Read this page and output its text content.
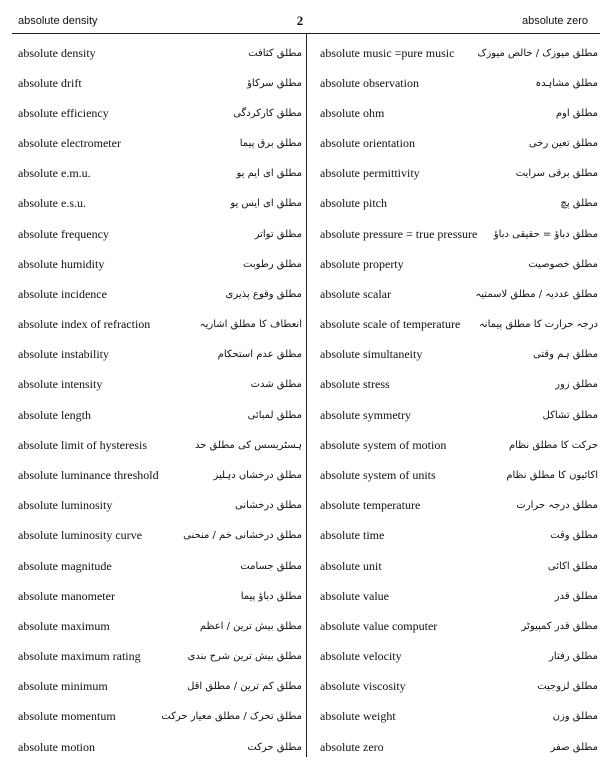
absolute density	2	absolute zero
absolute density	مطلق کثافت
absolute drift	مطلق سرکاؤ
absolute efficiency	مطلق کارکردگی
absolute electrometer	مطلق برق پیما
absolute e.m.u.	مطلق ای ایم یو
absolute e.s.u.	مطلق ای ایس یو
absolute frequency	مطلق تواتر
absolute humidity	مطلق رطوبت
absolute incidence	مطلق وقوع پذیری
absolute index of refraction	انعطاف کا مطلق اشاریہ
absolute instability	مطلق عدم استحکام
absolute intensity	مطلق شدت
absolute length	مطلق لمبائی
absolute limit of hysteresis	ہسٹریسس کی مطلق حد
absolute luminance threshold	مطلق درخشاں دہلیز
absolute luminosity	مطلق درخشانی
absolute luminosity curve	مطلق درخشانی خم / منحنی
absolute magnitude	مطلق جسامت
absolute manometer	مطلق دباؤ پیما
absolute maximum	مطلق بیش ترین / اعظم
absolute maximum rating	مطلق بیش ترین شرح بندی
absolute minimum	مطلق کم ترین / مطلق اقل
absolute momentum	مطلق تحرک / مطلق معیار حرکت
absolute motion	مطلق حرکت
absolute music =pure music مطلق میوزک / خالص میوزک
absolute observation	مطلق مشاہدہ
absolute ohm	مطلق اوم
absolute orientation	مطلق تعین رخی
absolute permittivity	مطلق برقی سرایت
absolute pitch	مطلق پچ
absolute pressure = true pressure مطلق دباؤ = حقیقی دباؤ
absolute property	مطلق خصوصیت
absolute scalar	مطلق عددیہ / مطلق لاسمتیہ
absolute scale of temperature درجہ حرارت کا مطلق پیمانہ
absolute simultaneity	مطلق ہم وقتی
absolute stress	مطلق زور
absolute symmetry	مطلق تشاکل
absolute system of motion	حرکت کا مطلق نظام
absolute system of units	اکائیوں کا مطلق نظام
absolute temperature	مطلق درجہ حرارت
absolute time	مطلق وقت
absolute unit	مطلق اکائی
absolute value	مطلق قدر
absolute value computer	مطلق قدر کمپیوٹر
absolute velocity	مطلق رفتار
absolute viscosity	مطلق لزوجیت
absolute weight	مطلق وزن
absolute zero	مطلق صفر
